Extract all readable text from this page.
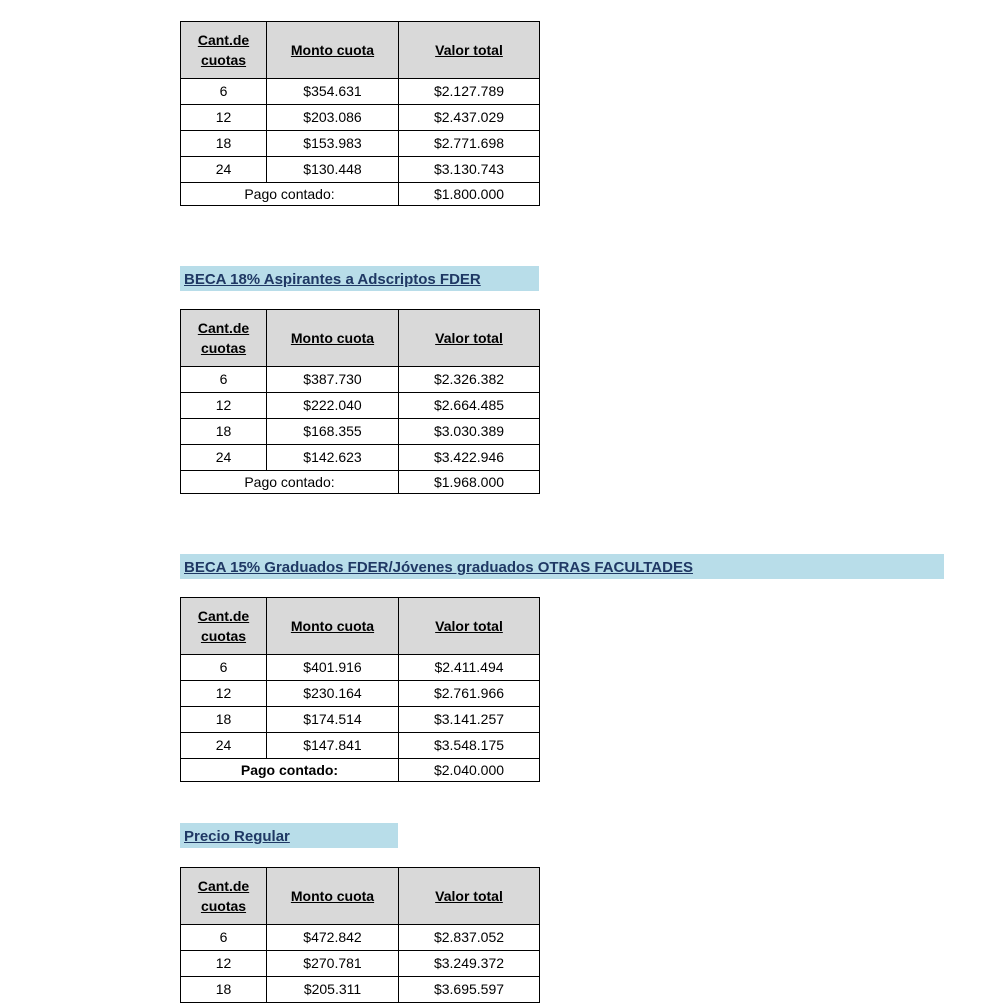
Cant.de
cuotas	Monto cuota	Valor total
6	$354.631	$2.127.789
12	$203.086	$2.437.029
18	$153.983	$2.771.698
24	$130.448	$3.130.743
Pago contado:		$1.800.000
BECA 18% Aspirantes a Adscriptos FDER
Cant.de
cuotas	Monto cuota	Valor total
6	$387.730	$2.326.382
12	$222.040	$2.664.485
18	$168.355	$3.030.389
24	$142.623	$3.422.946
Pago contado:		$1.968.000
BECA 15% Graduados FDER/Jóvenes graduados OTRAS FACULTADES
Cant.de
cuotas	Monto cuota	Valor total
6	$401.916	$2.411.494
12	$230.164	$2.761.966
18	$174.514	$3.141.257
24	$147.841	$3.548.175
Pago contado:		$2.040.000
Precio Regular
Cant.de
cuotas	Monto cuota	Valor total
6	$472.842	$2.837.052
12	$270.781	$3.249.372
18	$205.311	$3.695.597
